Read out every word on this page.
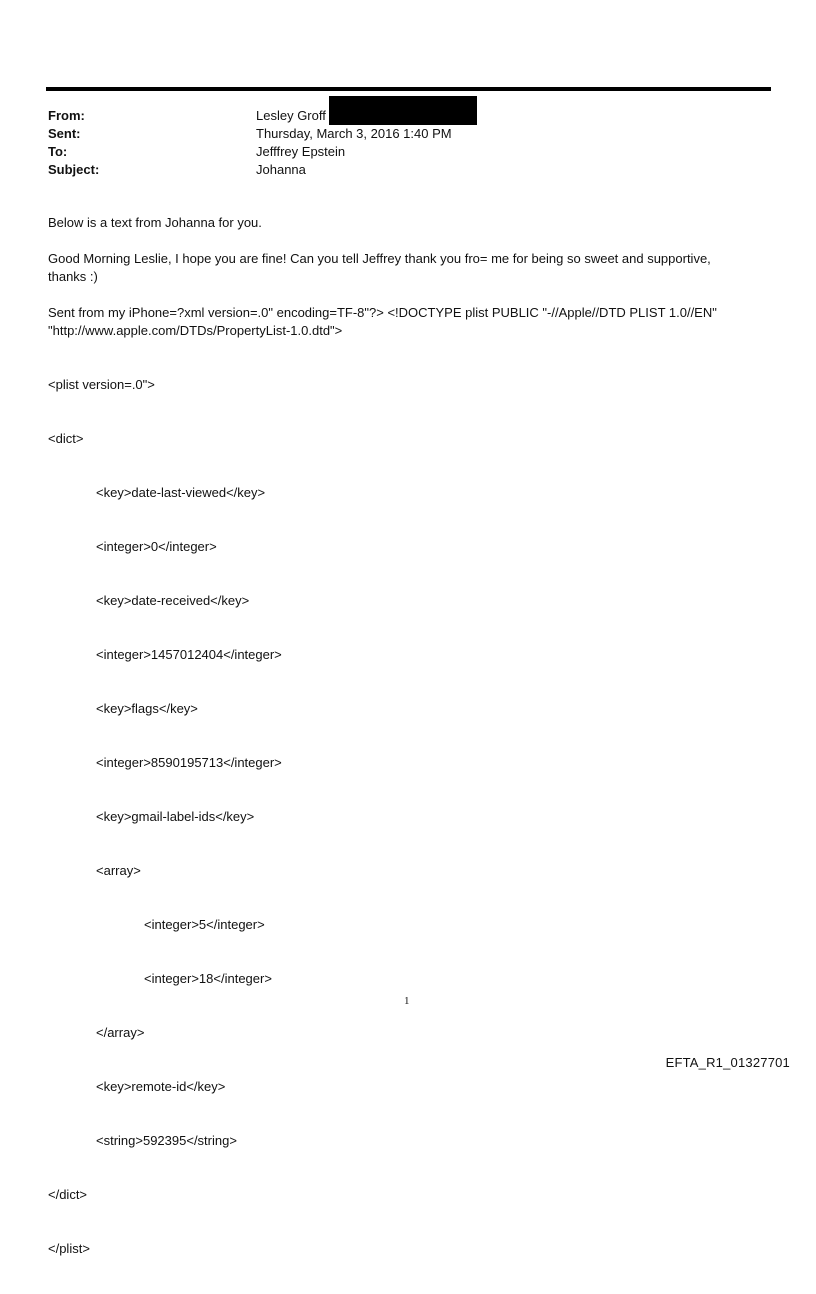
From:	Lesley Groff
Sent:	Thursday, March 3, 2016 1:40 PM
To:	Jefffrey Epstein
Subject:	Johanna

Below is a text from Johanna for you.

Good Morning Leslie, I hope you are fine! Can you tell Jeffrey thank you fro= me for being so sweet and supportive,
thanks :)

Sent from my iPhone=?xml version=.0" encoding=TF-8"?> <!DOCTYPE plist PUBLIC "-//Apple//DTD PLIST 1.0//EN"
"http://www.apple.com/DTDs/PropertyList-1.0.dtd">

<plist version=.0">

<dict>

<key>date-last-viewed</key>

<integer>0</integer>

<key>date-received</key>

<integer>1457012404</integer>

<key>flags</key>

<integer>8590195713</integer>

<key>gmail-label-ids</key>

<array>

<integer>5</integer>

<integer>18</integer>

</array>

<key>remote-id</key>

<string>592395</string>

</dict>

</plist>

1
EFTA_R1_01327701
